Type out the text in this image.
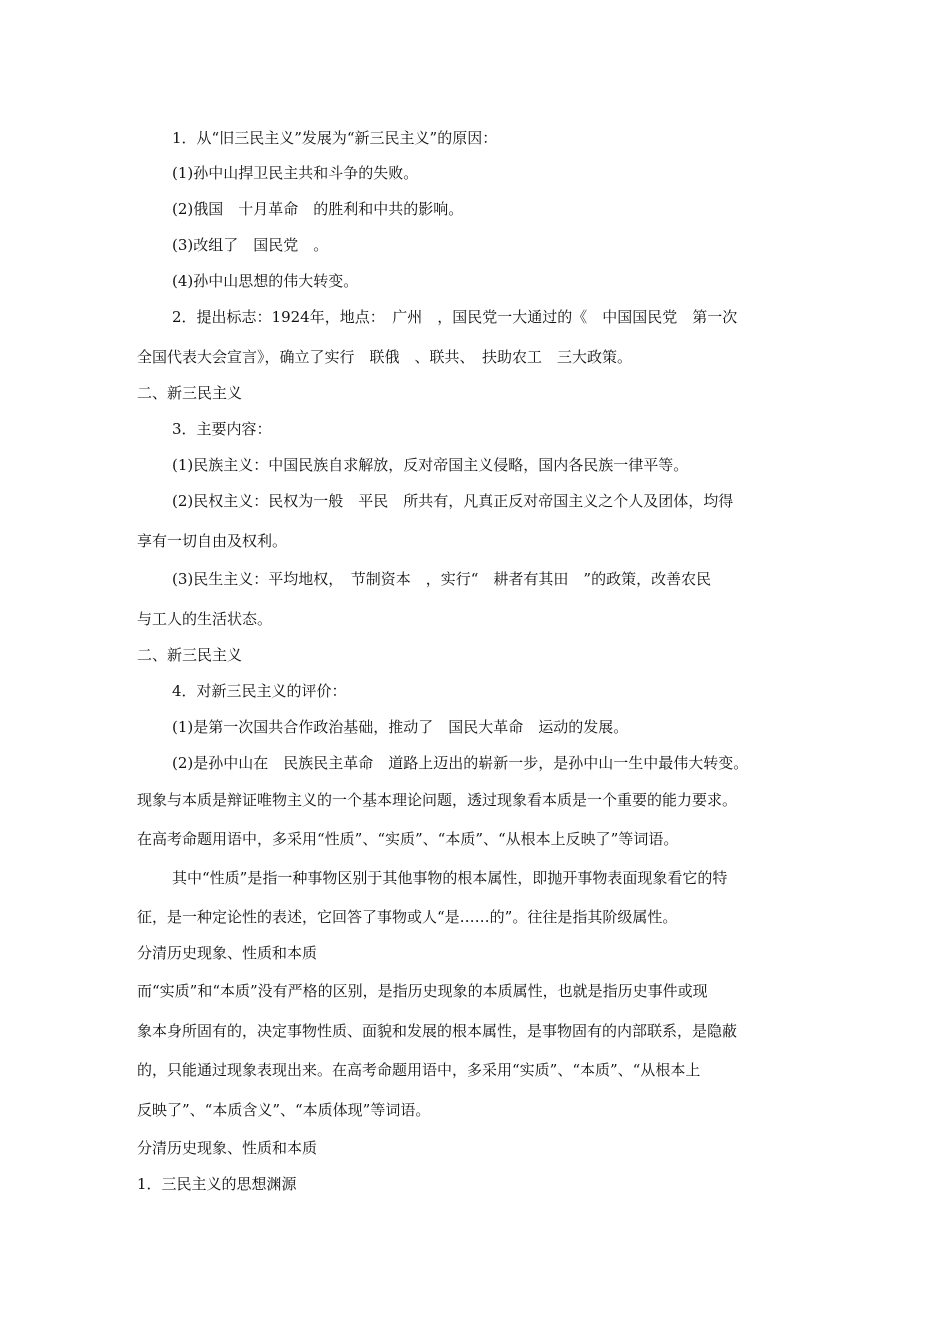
1．从“旧三民主义”发展为“新三民主义”的原因：
(1)孙中山捍卫民主共和斗争的失败。
(2)俄国　十月革命　的胜利和中共的影响。
(3)改组了　国民党　。
(4)孙中山思想的伟大转变。
2．提出标志：1924年，地点：　广州　，国民党一大通过的《　中国国民党　第一次
全国代表大会宣言》，确立了实行　联俄　、联共、　扶助农工　三大政策。
二、新三民主义
3．主要内容：
(1)民族主义：中国民族自求解放，反对帝国主义侵略，国内各民族一律平等。
(2)民权主义：民权为一般　平民　所共有，凡真正反对帝国主义之个人及团体，均得
享有一切自由及权利。
(3)民生主义：平均地权，　节制资本　，实行“　耕者有其田　”的政策，改善农民
与工人的生活状态。
二、新三民主义
4．对新三民主义的评价：
(1)是第一次国共合作政治基础，推动了　国民大革命　运动的发展。
(2)是孙中山在　民族民主革命　道路上迈出的崭新一步，是孙中山一生中最伟大转变。
现象与本质是辩证唯物主义的一个基本理论问题，透过现象看本质是一个重要的能力要求。
在高考命题用语中，多采用“性质”、“实质”、“本质”、“从根本上反映了”等词语。
其中“性质”是指一种事物区别于其他事物的根本属性，即抛开事物表面现象看它的特
征，是一种定论性的表述，它回答了事物或人“是……的”。往往是指其阶级属性。
分清历史现象、性质和本质
而“实质”和“本质”没有严格的区别，是指历史现象的本质属性，也就是指历史事件或现
象本身所固有的，决定事物性质、面貌和发展的根本属性，是事物固有的内部联系，是隐蔽
的，只能通过现象表现出来。在高考命题用语中，多采用“实质”、“本质”、“从根本上
反映了”、“本质含义”、“本质体现”等词语。
分清历史现象、性质和本质
1．三民主义的思想渊源
